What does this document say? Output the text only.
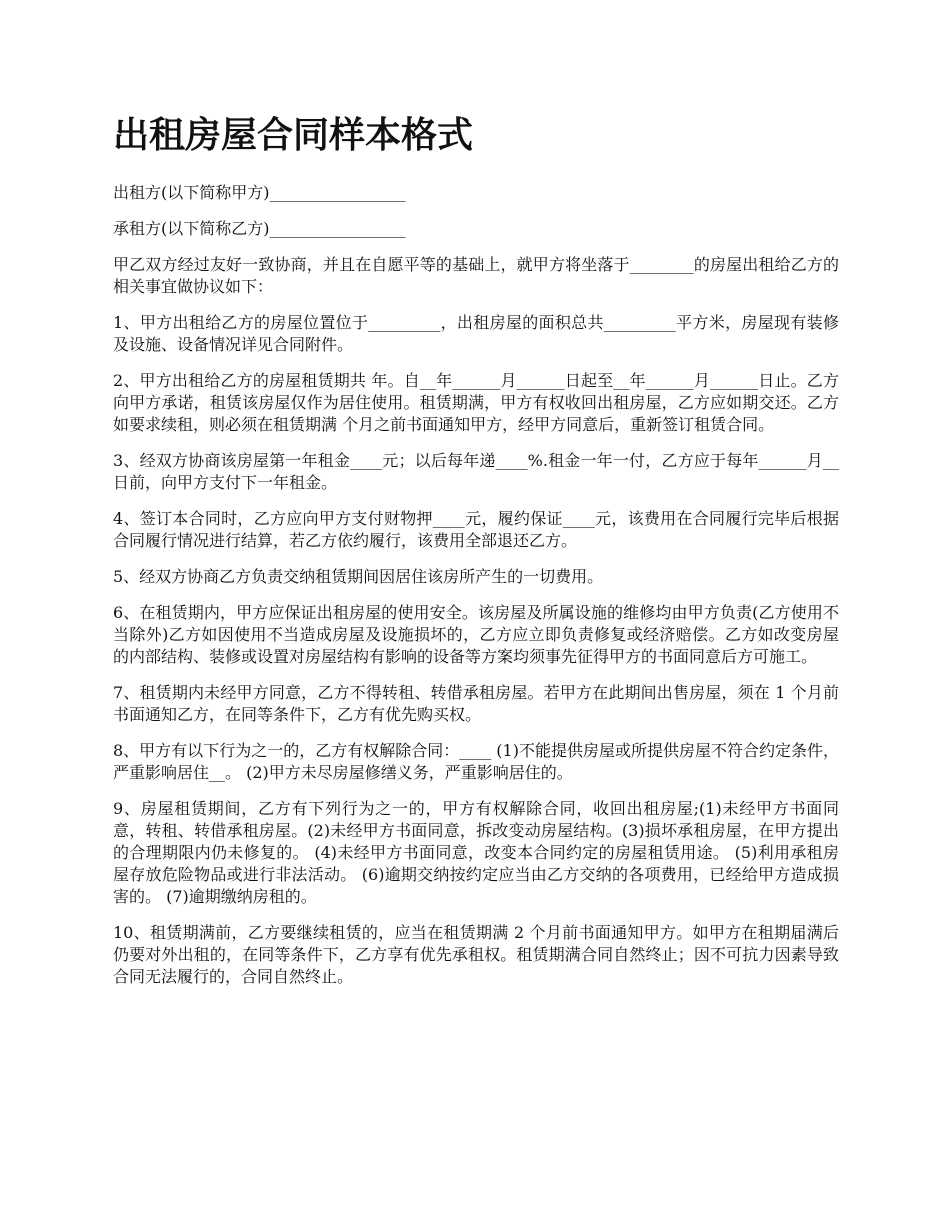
出租房屋合同样本格式

出租方(以下简称甲方)_________________

承租方(以下简称乙方)_________________

甲乙双方经过友好一致协商，并且在自愿平等的基础上，就甲方将坐落于________的房屋出租给乙方的相关事宜做协议如下：

1、甲方出租给乙方的房屋位置位于_________，出租房屋的面积总共_________平方米，房屋现有装修及设施、设备情况详见合同附件。

2、甲方出租给乙方的房屋租赁期共 年。自__年______月______日起至__年______月______日止。乙方向甲方承诺，租赁该房屋仅作为居住使用。租赁期满，甲方有权收回出租房屋，乙方应如期交还。乙方如要求续租，则必须在租赁期满 个月之前书面通知甲方，经甲方同意后，重新签订租赁合同。

3、经双方协商该房屋第一年租金____元；以后每年递____%.租金一年一付，乙方应于每年______月__日前，向甲方支付下一年租金。

4、签订本合同时，乙方应向甲方支付财物押____元，履约保证____元，该费用在合同履行完毕后根据合同履行情况进行结算，若乙方依约履行，该费用全部退还乙方。

5、经双方协商乙方负责交纳租赁期间因居住该房所产生的一切费用。

6、在租赁期内，甲方应保证出租房屋的使用安全。该房屋及所属设施的维修均由甲方负责(乙方使用不当除外)乙方如因使用不当造成房屋及设施损坏的，乙方应立即负责修复或经济赔偿。乙方如改变房屋的内部结构、装修或设置对房屋结构有影响的设备等方案均须事先征得甲方的书面同意后方可施工。

7、租赁期内未经甲方同意，乙方不得转租、转借承租房屋。若甲方在此期间出售房屋，须在 1 个月前书面通知乙方，在同等条件下，乙方有优先购买权。

8、甲方有以下行为之一的，乙方有权解除合同：____ (1)不能提供房屋或所提供房屋不符合约定条件，严重影响居住__。 (2)甲方未尽房屋修缮义务，严重影响居住的。

9、房屋租赁期间，乙方有下列行为之一的，甲方有权解除合同，收回出租房屋;(1)未经甲方书面同意，转租、转借承租房屋。(2)未经甲方书面同意，拆改变动房屋结构。(3)损坏承租房屋，在甲方提出的合理期限内仍未修复的。 (4)未经甲方书面同意，改变本合同约定的房屋租赁用途。 (5)利用承租房屋存放危险物品或进行非法活动。 (6)逾期交纳按约定应当由乙方交纳的各项费用，已经给甲方造成损害的。 (7)逾期缴纳房租的。

10、租赁期满前，乙方要继续租赁的，应当在租赁期满 2 个月前书面通知甲方。如甲方在租期届满后仍要对外出租的，在同等条件下，乙方享有优先承租权。租赁期满合同自然终止；因不可抗力因素导致合同无法履行的，合同自然终止。
